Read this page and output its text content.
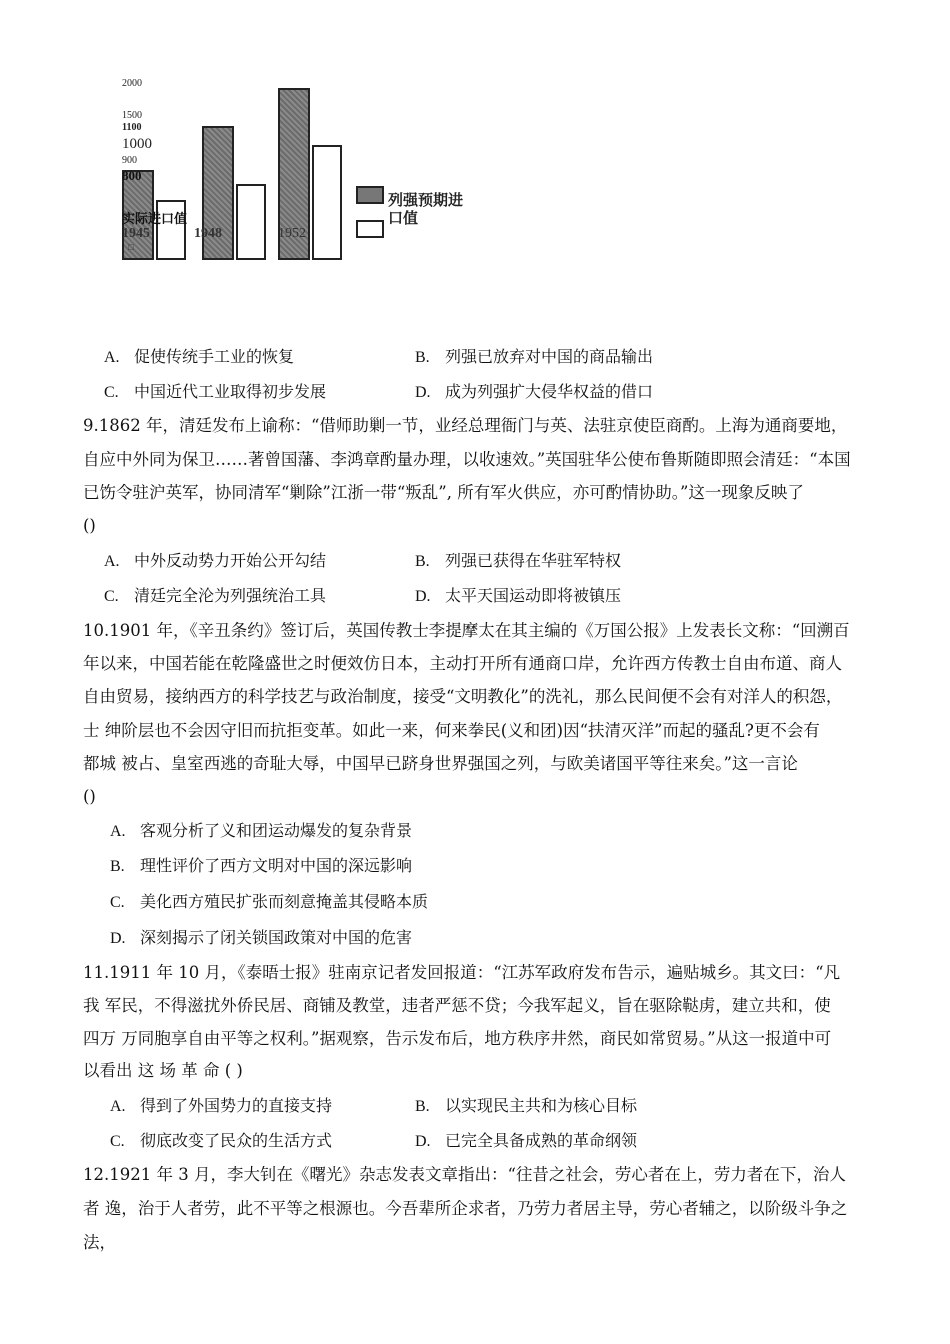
2000
1500
1100
1000
900
800
实际进口值
1945	1948	1952
□
列强预期进
口值
A. 促使传统手工业的恢复	B. 列强已放弃对中国的商品输出
C. 中国近代工业取得初步发展	D. 成为列强扩大侵华权益的借口
9.1862 年，清廷发布上谕称：“借师助剿一节，业经总理衙门与英、法驻京使臣商酌。上海为通商要地，
自应中外同为保卫……著曾国藩、李鸿章酌量办理，以收速效。”英国驻华公使布鲁斯随即照会清廷：“本国
已饬令驻沪英军，协同清军“剿除”江浙一带“叛乱”, 所有军火供应，亦可酌情协助。”这一现象反映了
()
A. 中外反动势力开始公开勾结	B. 列强已获得在华驻军特权
C. 清廷完全沦为列强统治工具	D. 太平天国运动即将被镇压
10.1901 年，《辛丑条约》签订后，英国传教士李提摩太在其主编的《万国公报》上发表长文称：“回溯百
年以来，中国若能在乾隆盛世之时便效仿日本，主动打开所有通商口岸，允许西方传教士自由布道、商人
自由贸易，接纳西方的科学技艺与政治制度，接受“文明教化”的洗礼，那么民间便不会有对洋人的积怨，
士 绅阶层也不会因守旧而抗拒变革。如此一来，何来拳民(义和团)因“扶清灭洋”而起的骚乱?更不会有
都城 被占、皇室西逃的奇耻大辱，中国早已跻身世界强国之列，与欧美诸国平等往来矣。”这一言论
()
A. 客观分析了义和团运动爆发的复杂背景
B. 理性评价了西方文明对中国的深远影响
C. 美化西方殖民扩张而刻意掩盖其侵略本质
D. 深刻揭示了闭关锁国政策对中国的危害
11.1911 年 10 月，《泰晤士报》驻南京记者发回报道：“江苏军政府发布告示，遍贴城乡。其文曰：“凡
我 军民，不得滋扰外侨民居、商铺及教堂，违者严惩不贷；今我军起义，旨在驱除鞑虏，建立共和，使
四万 万同胞享自由平等之权利。”据观察，告示发布后，地方秩序井然，商民如常贸易。”从这一报道中可
以看出 这 场 革 命 ( )
A. 得到了外国势力的直接支持	B. 以实现民主共和为核心目标
C. 彻底改变了民众的生活方式	D. 已完全具备成熟的革命纲领
12.1921 年 3 月，李大钊在《曙光》杂志发表文章指出：“往昔之社会，劳心者在上，劳力者在下，治人
者 逸，治于人者劳，此不平等之根源也。今吾辈所企求者，乃劳力者居主导，劳心者辅之，以阶级斗争之
法，
